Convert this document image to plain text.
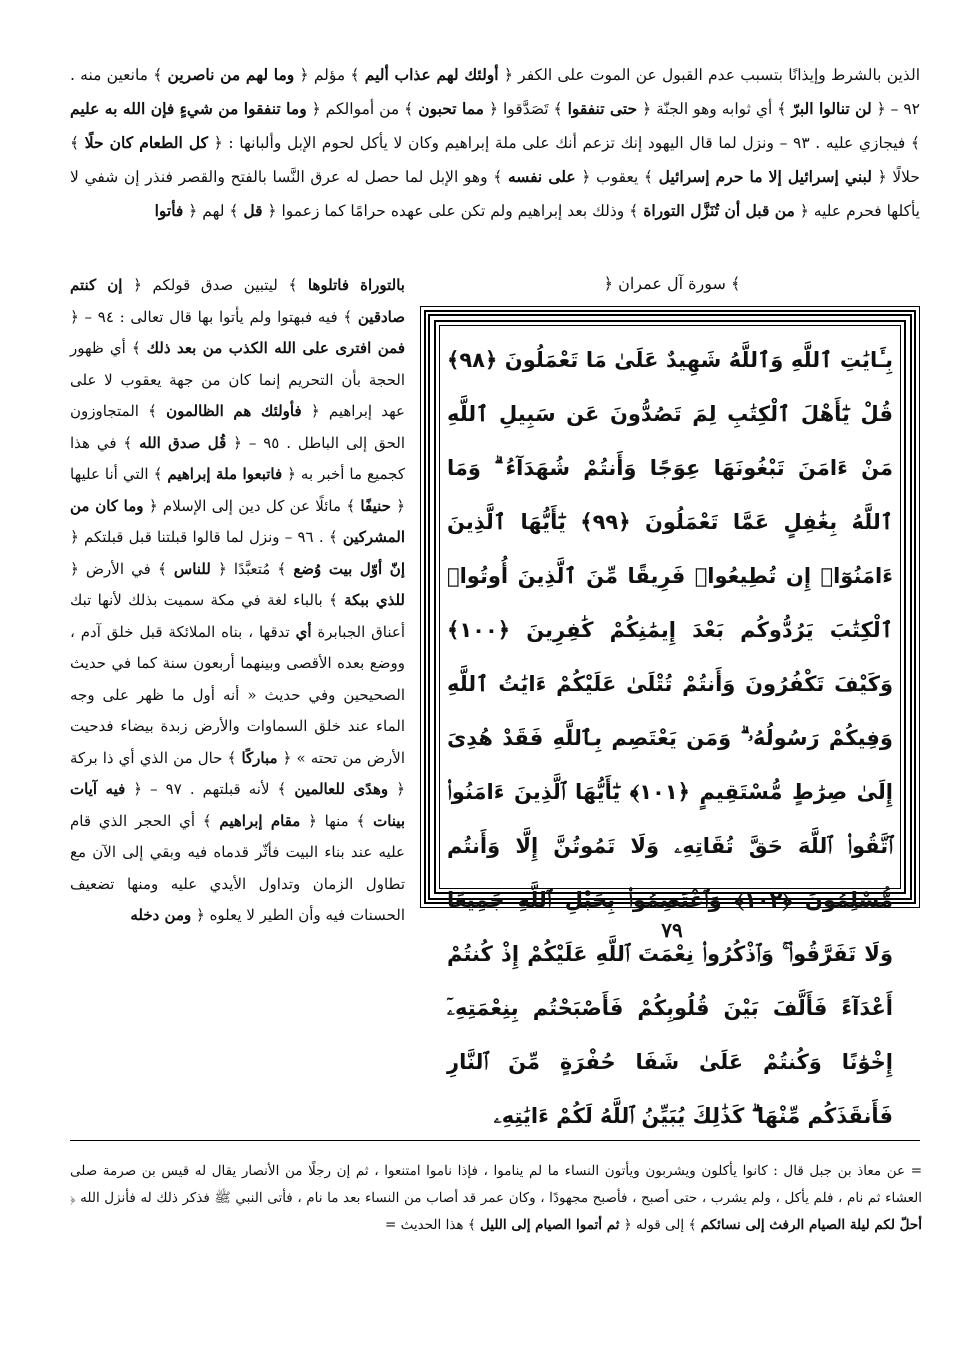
الذين بالشرط وإيذانًا بتسبب عدم القبول عن الموت على الكفر ﴿ أولئك لهم عذاب أليم ﴾ مؤلم ﴿ وما لهم من ناصرين ﴾ مانعين منه . ٩٢ – ﴿ لن تنالوا البرّ ﴾ أي ثوابه وهو الجنّة ﴿ حتى تنفقوا ﴾ تَصَدَّقوا ﴿ مما تحبون ﴾ من أموالكم ﴿ وما تنفقوا من شيءٍ فإن الله به عليم ﴾ فيجازي عليه . ٩٣ – ونزل لما قال اليهود إنك تزعم أنك على ملة إبراهيم وكان لا يأكل لحوم الإبل وألبانها : ﴿ كل الطعام كان حلًا ﴾ حلالًا ﴿ لبني إسرائيل إلا ما حرم إسرائيل ﴾ يعقوب ﴿ على نفسه ﴾ وهو الإبل لما حصل له عرق النَّسا بالفتح والقصر فنذر إن شفي لا يأكلها فحرم عليه ﴿ من قبل أن تُنَزَّل التوراة ﴾ وذلك بعد إبراهيم ولم تكن على عهده حرامًا كما زعموا ﴿ قل ﴾ لهم ﴿ فأتوا
﴿ سورة آل عمران ﴾
بِـَٔايَٰتِ ٱللَّهِ وَٱللَّهُ شَهِيدٌ عَلَىٰ مَا تَعْمَلُونَ ﴿٩٨﴾ قُلْ يَٰٓأَهْلَ ٱلْكِتَٰبِ لِمَ تَصُدُّونَ عَن سَبِيلِ ٱللَّهِ مَنْ ءَامَنَ تَبْغُونَهَا عِوَجًا وَأَنتُمْ شُهَدَآءُ ۗ وَمَا ٱللَّهُ بِغَٰفِلٍ عَمَّا تَعْمَلُونَ ﴿٩٩﴾ يَٰٓأَيُّهَا ٱلَّذِينَ ءَامَنُوٓا۟ إِن تُطِيعُوا۟ فَرِيقًا مِّنَ ٱلَّذِينَ أُوتُوا۟ ٱلْكِتَٰبَ يَرُدُّوكُم بَعْدَ إِيمَٰنِكُمْ كَٰفِرِينَ ﴿١٠٠﴾ وَكَيْفَ تَكْفُرُونَ وَأَنتُمْ تُتْلَىٰ عَلَيْكُمْ ءَايَٰتُ ٱللَّهِ وَفِيكُمْ رَسُولُهُۥ ۗ وَمَن يَعْتَصِم بِٱللَّهِ فَقَدْ هُدِىَ إِلَىٰ صِرَٰطٍ مُّسْتَقِيمٍ ﴿١٠١﴾ يَٰٓأَيُّهَا ٱلَّذِينَ ءَامَنُوا۟ ٱتَّقُوا۟ ٱللَّهَ حَقَّ تُقَاتِهِۦ وَلَا تَمُوتُنَّ إِلَّا وَأَنتُم مُّسْلِمُونَ ﴿١٠٢﴾ وَٱعْتَصِمُوا۟ بِحَبْلِ ٱللَّهِ جَمِيعًا وَلَا تَفَرَّقُوا۟ ۚ وَٱذْكُرُوا۟ نِعْمَتَ ٱللَّهِ عَلَيْكُمْ إِذْ كُنتُمْ أَعْدَآءً فَأَلَّفَ بَيْنَ قُلُوبِكُمْ فَأَصْبَحْتُم بِنِعْمَتِهِۦٓ إِخْوَٰنًا وَكُنتُمْ عَلَىٰ شَفَا حُفْرَةٍ مِّنَ ٱلنَّارِ فَأَنقَذَكُم مِّنْهَا ۗ كَذَٰلِكَ يُبَيِّنُ ٱللَّهُ لَكُمْ ءَايَٰتِهِۦ
٧٩
بالتوراة فاتلوها ﴾ ليتبين صدق قولكم ﴿ إن كنتم صادقين ﴾ فيه فبهتوا ولم يأتوا بها قال تعالى : ٩٤ – ﴿ فمن افترى على الله الكذب من بعد ذلك ﴾ أي ظهور الحجة بأن التحريم إنما كان من جهة يعقوب لا على عهد إبراهيم ﴿ فأولئك هم الظالمون ﴾ المتجاوزون الحق إلى الباطل . ٩٥ – ﴿ قُل صدق الله ﴾ في هذا كجميع ما أخبر به ﴿ فاتبعوا ملة إبراهيم ﴾ التي أنا عليها ﴿ حنيفًا ﴾ مائلًا عن كل دين إلى الإسلام ﴿ وما كان من المشركين ﴾ . ٩٦ – ونزل لما قالوا قبلتنا قبل قبلتكم ﴿ إنّ أوّل بيت وُضع ﴾ مُتعبَّدًا ﴿ للناس ﴾ في الأرض ﴿ للذي ببكة ﴾ بالباء لغة في مكة سميت بذلك لأنها تبك أعناق الجبابرة أي تدقها ، بناه الملائكة قبل خلق آدم ، ووضع بعده الأقصى وبينهما أربعون سنة كما في حديث الصحيحين وفي حديث « أنه أول ما ظهر على وجه الماء عند خلق السماوات والأرض زبدة بيضاء فدحيت الأرض من تحته » ﴿ مباركًا ﴾ حال من الذي أي ذا بركة ﴿ وهدًى للعالمين ﴾ لأنه قبلتهم . ٩٧ – ﴿ فيه آيات بينات ﴾ منها ﴿ مقام إبراهيم ﴾ أي الحجر الذي قام عليه عند بناء البيت فأثّر قدماه فيه وبقي إلى الآن مع تطاول الزمان وتداول الأيدي عليه ومنها تضعيف الحسنات فيه وأن الطير لا يعلوه ﴿ ومن دخله
= عن معاذ بن جبل قال : كانوا يأكلون ويشربون ويأتون النساء ما لم يناموا ، فإذا ناموا امتنعوا ، ثم إن رجلًا من الأنصار يقال له قيس بن صرمة صلى العشاء ثم نام ، فلم يأكل ، ولم يشرب ، حتى أصبح ، فأصبح مجهودًا ، وكان عمر قد أصاب من النساء بعد ما نام ، فأتى النبي ﷺ فذكر ذلك له فأنزل الله ﴿ أحلّ لكم ليلة الصيام الرفث إلى نسائكم ﴾ إلى قوله ﴿ ثم أتموا الصيام إلى الليل ﴾ هذا الحديث =
